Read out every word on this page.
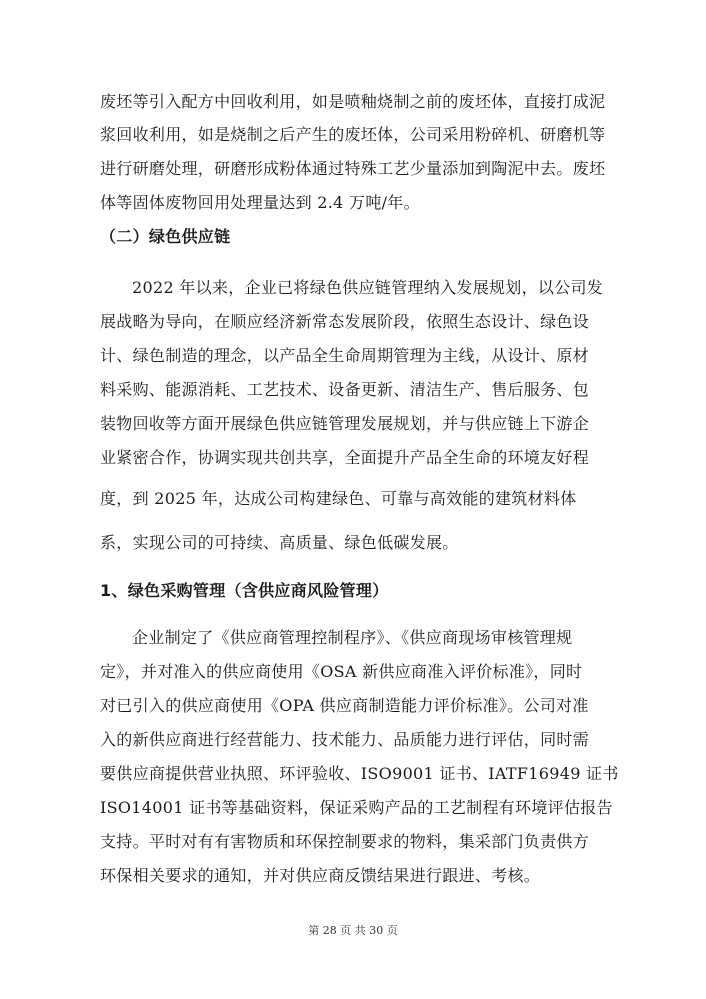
废坯等引入配方中回收利用，如是喷釉烧制之前的废坯体，直接打成泥
浆回收利用，如是烧制之后产生的废坯体，公司采用粉碎机、研磨机等
进行研磨处理，研磨形成粉体通过特殊工艺少量添加到陶泥中去。废坯
体等固体废物回用处理量达到 2.4 万吨/年。
（二）绿色供应链
2022 年以来，企业已将绿色供应链管理纳入发展规划，以公司发
展战略为导向，在顺应经济新常态发展阶段，依照生态设计、绿色设
计、绿色制造的理念，以产品全生命周期管理为主线，从设计、原材
料采购、能源消耗、工艺技术、设备更新、清洁生产、售后服务、包
装物回收等方面开展绿色供应链管理发展规划，并与供应链上下游企
业紧密合作，协调实现共创共享，全面提升产品全生命的环境友好程
度，到 2025 年，达成公司构建绿色、可靠与高效能的建筑材料体
系，实现公司的可持续、高质量、绿色低碳发展。
1、绿色采购管理（含供应商风险管理）
企业制定了《供应商管理控制程序》、《供应商现场审核管理规
定》，并对准入的供应商使用《OSA 新供应商准入评价标准》，同时
对已引入的供应商使用《OPA 供应商制造能力评价标准》。公司对准
入的新供应商进行经营能力、技术能力、品质能力进行评估，同时需
要供应商提供营业执照、环评验收、ISO9001 证书、IATF16949 证书
ISO14001 证书等基础资料，保证采购产品的工艺制程有环境评估报告
支持。平时对有有害物质和环保控制要求的物料，集采部门负责供方
环保相关要求的通知，并对供应商反馈结果进行跟进、考核。
第 28 页 共 30 页
